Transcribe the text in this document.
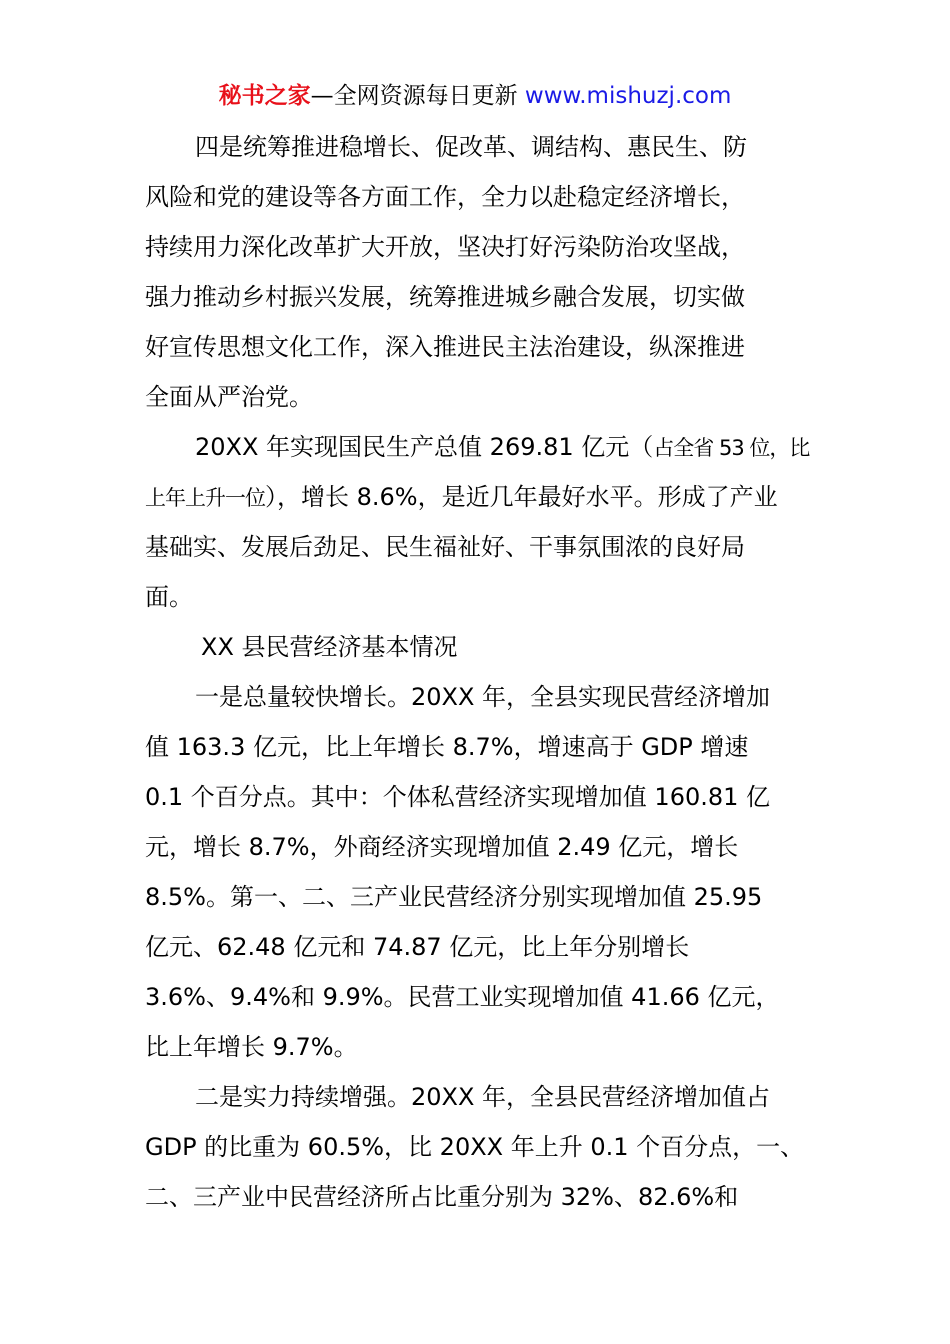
秘书之家—全网资源每日更新 www.mishuzj.com
四是统筹推进稳增长、促改革、调结构、惠民生、防
风险和党的建设等各方面工作，全力以赴稳定经济增长，
持续用力深化改革扩大开放，坚决打好污染防治攻坚战，
强力推动乡村振兴发展，统筹推进城乡融合发展，切实做
好宣传思想文化工作，深入推进民主法治建设，纵深推进
全面从严治党。
20XX 年实现国民生产总值 269.81 亿元（占全省 53 位，比
上年上升一位），增长 8.6%，是近几年最好水平。形成了产业
基础实、发展后劲足、民生福祉好、干事氛围浓的良好局
面。
XX 县民营经济基本情况
一是总量较快增长。20XX 年，全县实现民营经济增加
值 163.3 亿元，比上年增长 8.7%，增速高于 GDP 增速
0.1 个百分点。其中：个体私营经济实现增加值 160.81 亿
元，增长 8.7%，外商经济实现增加值 2.49 亿元，增长
8.5%。第一、二、三产业民营经济分别实现增加值 25.95
亿元、62.48 亿元和 74.87 亿元，比上年分别增长
3.6%、9.4%和 9.9%。民营工业实现增加值 41.66 亿元，
比上年增长 9.7%。
二是实力持续增强。20XX 年，全县民营经济增加值占
GDP 的比重为 60.5%，比 20XX 年上升 0.1 个百分点，一、
二、三产业中民营经济所占比重分别为 32%、82.6%和
